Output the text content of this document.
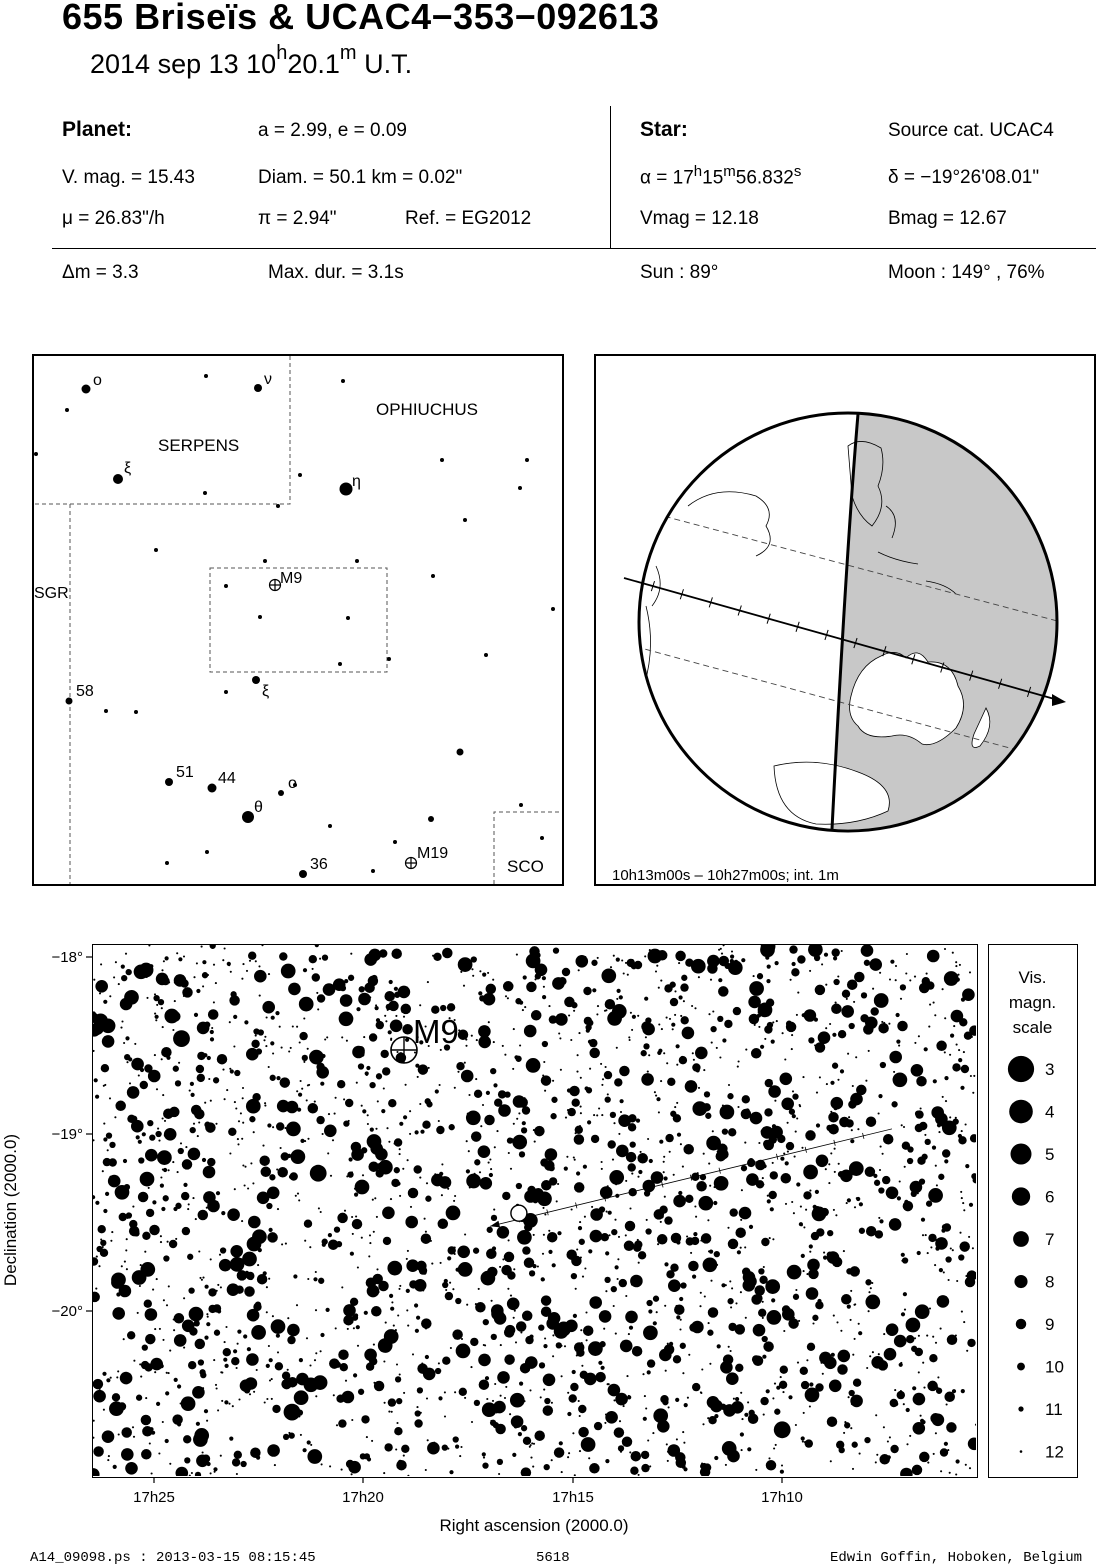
655 Briseïs & UCAC4−353−092613
2014 sep 13 10$^h$20.1$^m$ U.T.
Planet:	a = 2.99, e = 0.09
V. mag. = 15.43	Diam. = 50.1 km = 0.02"
μ = 26.83"/h	π = 2.94"	Ref. = EG2012
Star:	Source cat. UCAC4
$\alpha = 17^h15^m56.832^s$	δ = −19°26'08.01"
Vmag = 12.18	Bmag = 12.67
Δm = 3.3	Max. dur. = 3.1s	Sun : 89°	Moon : 149° , 76%
SERPENS
OPHIUCHUS
SGR
SCO
ο	ν
ξ
η
ξ
ο
θ
M9
58
51 44
M19
36
10h13m00s – 10h27m00s; int. 1m
M9
−18°
−19°
−20°
17h25	17h20	17h15	17h10
Right ascension (2000.0)
Declination (2000.0)
Vis.
magn.
scale
3
4
5
6
7
8
9
10
11
12
A14_09098.ps : 2013-03-15 08:15:45	5618	Edwin Goffin, Hoboken, Belgium
